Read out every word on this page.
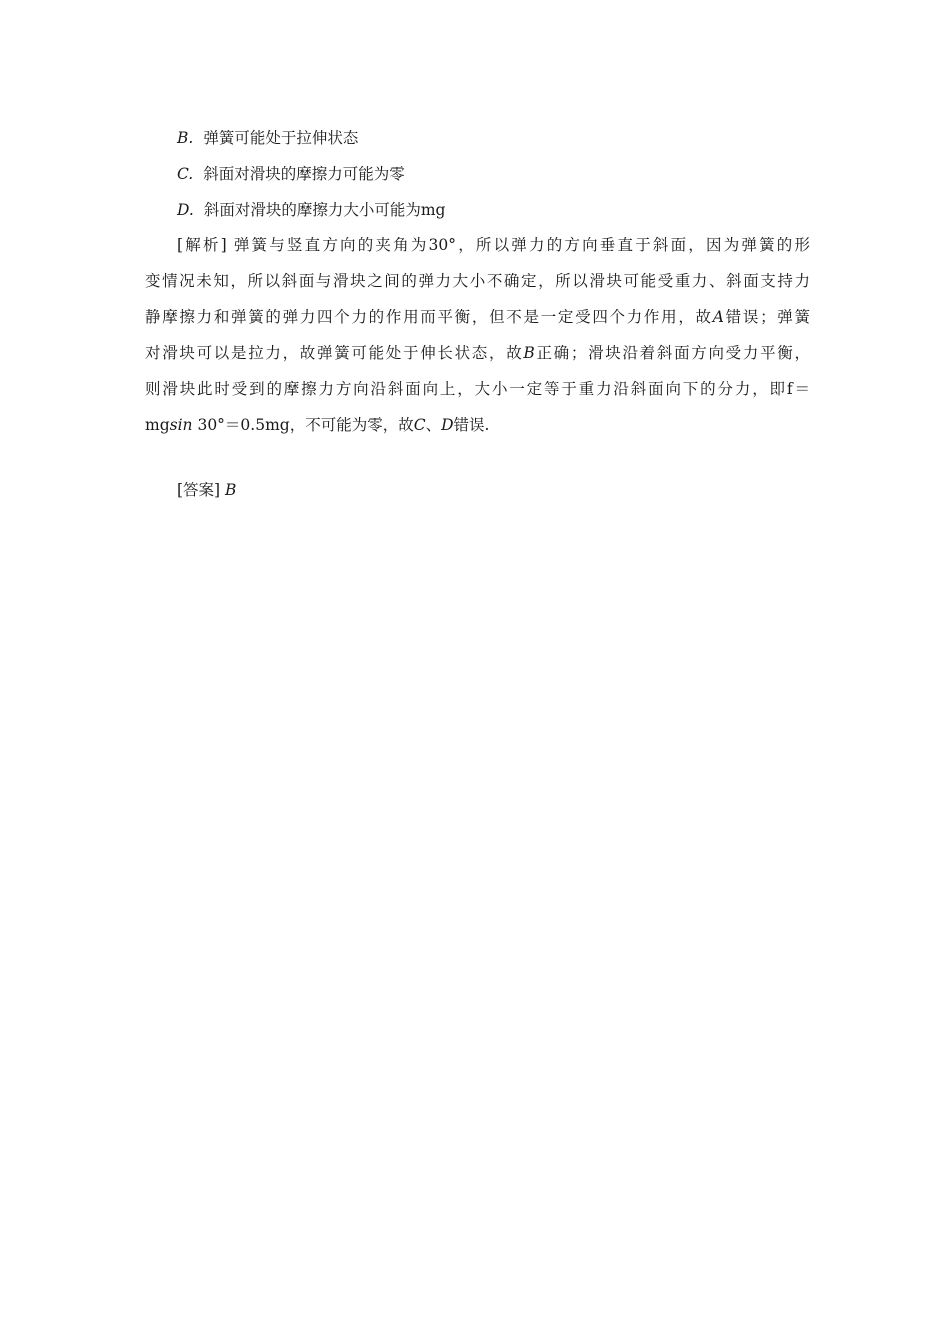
B. 弹簧可能处于拉伸状态
C. 斜面对滑块的摩擦力可能为零
D. 斜面对滑块的摩擦力大小可能为mg
[解析] 弹簧与竖直方向的夹角为30°，所以弹力的方向垂直于斜面，因为弹簧的形
变情况未知，所以斜面与滑块之间的弹力大小不确定，所以滑块可能受重力、斜面支持力
静摩擦力和弹簧的弹力四个力的作用而平衡，但不是一定受四个力作用，故A错误；弹簧
对滑块可以是拉力，故弹簧可能处于伸长状态，故B正确；滑块沿着斜面方向受力平衡，
则滑块此时受到的摩擦力方向沿斜面向上，大小一定等于重力沿斜面向下的分力，即f＝
mgsin 30°＝0.5mg，不可能为零，故C、D错误.
[答案] B
